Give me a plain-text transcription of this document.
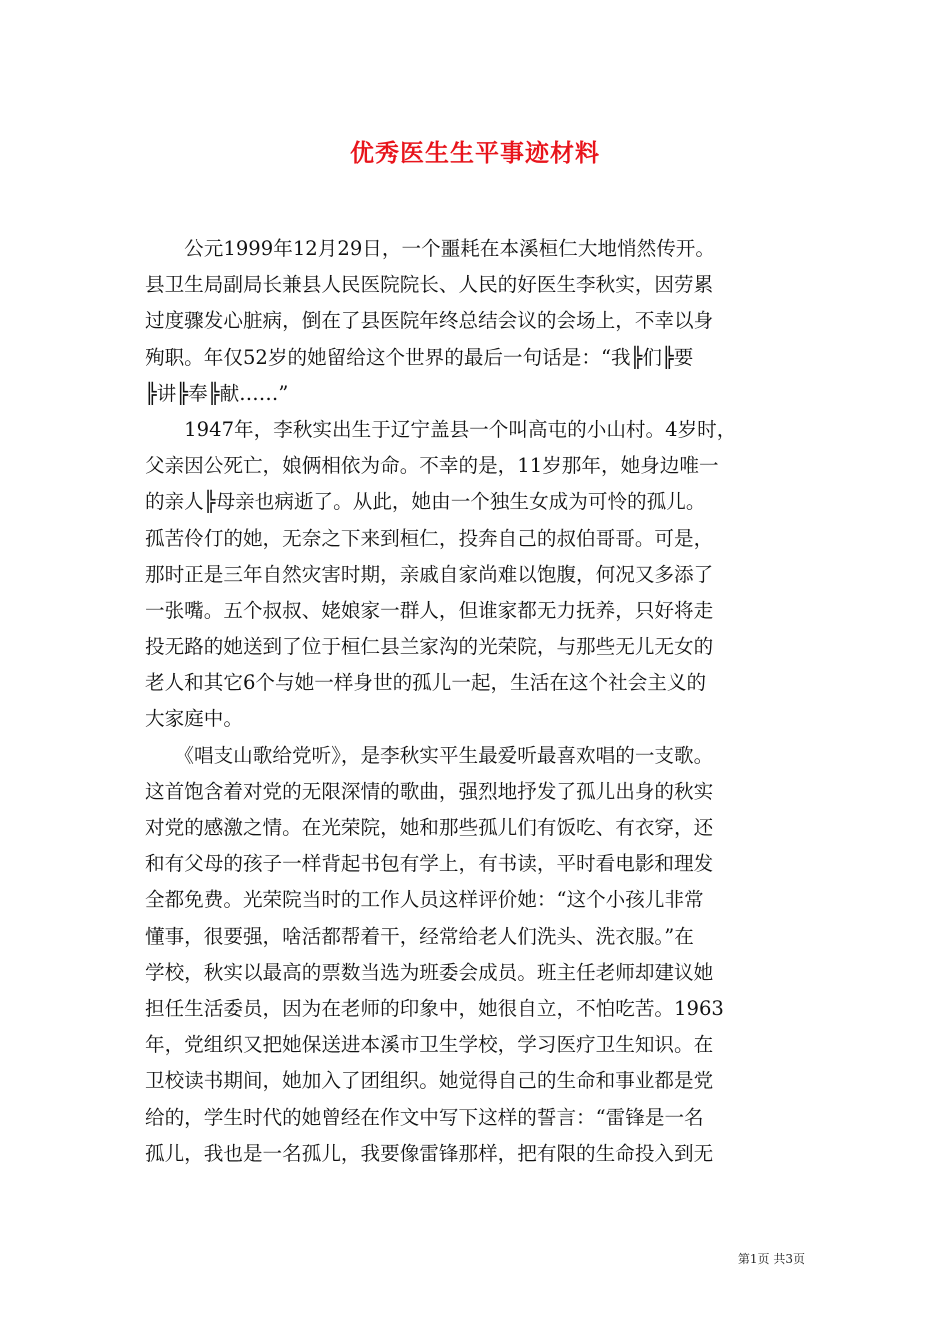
优秀医生生平事迹材料
　　公元1999年12月29日，一个噩耗在本溪桓仁大地悄然传开。
县卫生局副局长兼县人民医院院长、人民的好医生李秋实，因劳累
过度骤发心脏病，倒在了县医院年终总结会议的会场上，不幸以身
殉职。年仅52岁的她留给这个世界的最后一句话是：“我╠们╠要
╠讲╠奉╠献……”
　　1947年，李秋实出生于辽宁盖县一个叫高屯的小山村。4岁时，
父亲因公死亡，娘俩相依为命。不幸的是，11岁那年，她身边唯一
的亲人╠母亲也病逝了。从此，她由一个独生女成为可怜的孤儿。
孤苦伶仃的她，无奈之下来到桓仁，投奔自己的叔伯哥哥。可是，
那时正是三年自然灾害时期，亲戚自家尚难以饱腹，何况又多添了
一张嘴。五个叔叔、姥娘家一群人，但谁家都无力抚养，只好将走
投无路的她送到了位于桓仁县兰家沟的光荣院，与那些无儿无女的
老人和其它6个与她一样身世的孤儿一起，生活在这个社会主义的
大家庭中。
　　《唱支山歌给党听》，是李秋实平生最爱听最喜欢唱的一支歌。
这首饱含着对党的无限深情的歌曲，强烈地抒发了孤儿出身的秋实
对党的感激之情。在光荣院，她和那些孤儿们有饭吃、有衣穿，还
和有父母的孩子一样背起书包有学上，有书读，平时看电影和理发
全都免费。光荣院当时的工作人员这样评价她：“这个小孩儿非常
懂事，很要强，啥活都帮着干，经常给老人们洗头、洗衣服。”在
学校，秋实以最高的票数当选为班委会成员。班主任老师却建议她
担任生活委员，因为在老师的印象中，她很自立，不怕吃苦。1963
年，党组织又把她保送进本溪市卫生学校，学习医疗卫生知识。在
卫校读书期间，她加入了团组织。她觉得自己的生命和事业都是党
给的，学生时代的她曾经在作文中写下这样的誓言：“雷锋是一名
孤儿，我也是一名孤儿，我要像雷锋那样，把有限的生命投入到无
第1页 共3页
